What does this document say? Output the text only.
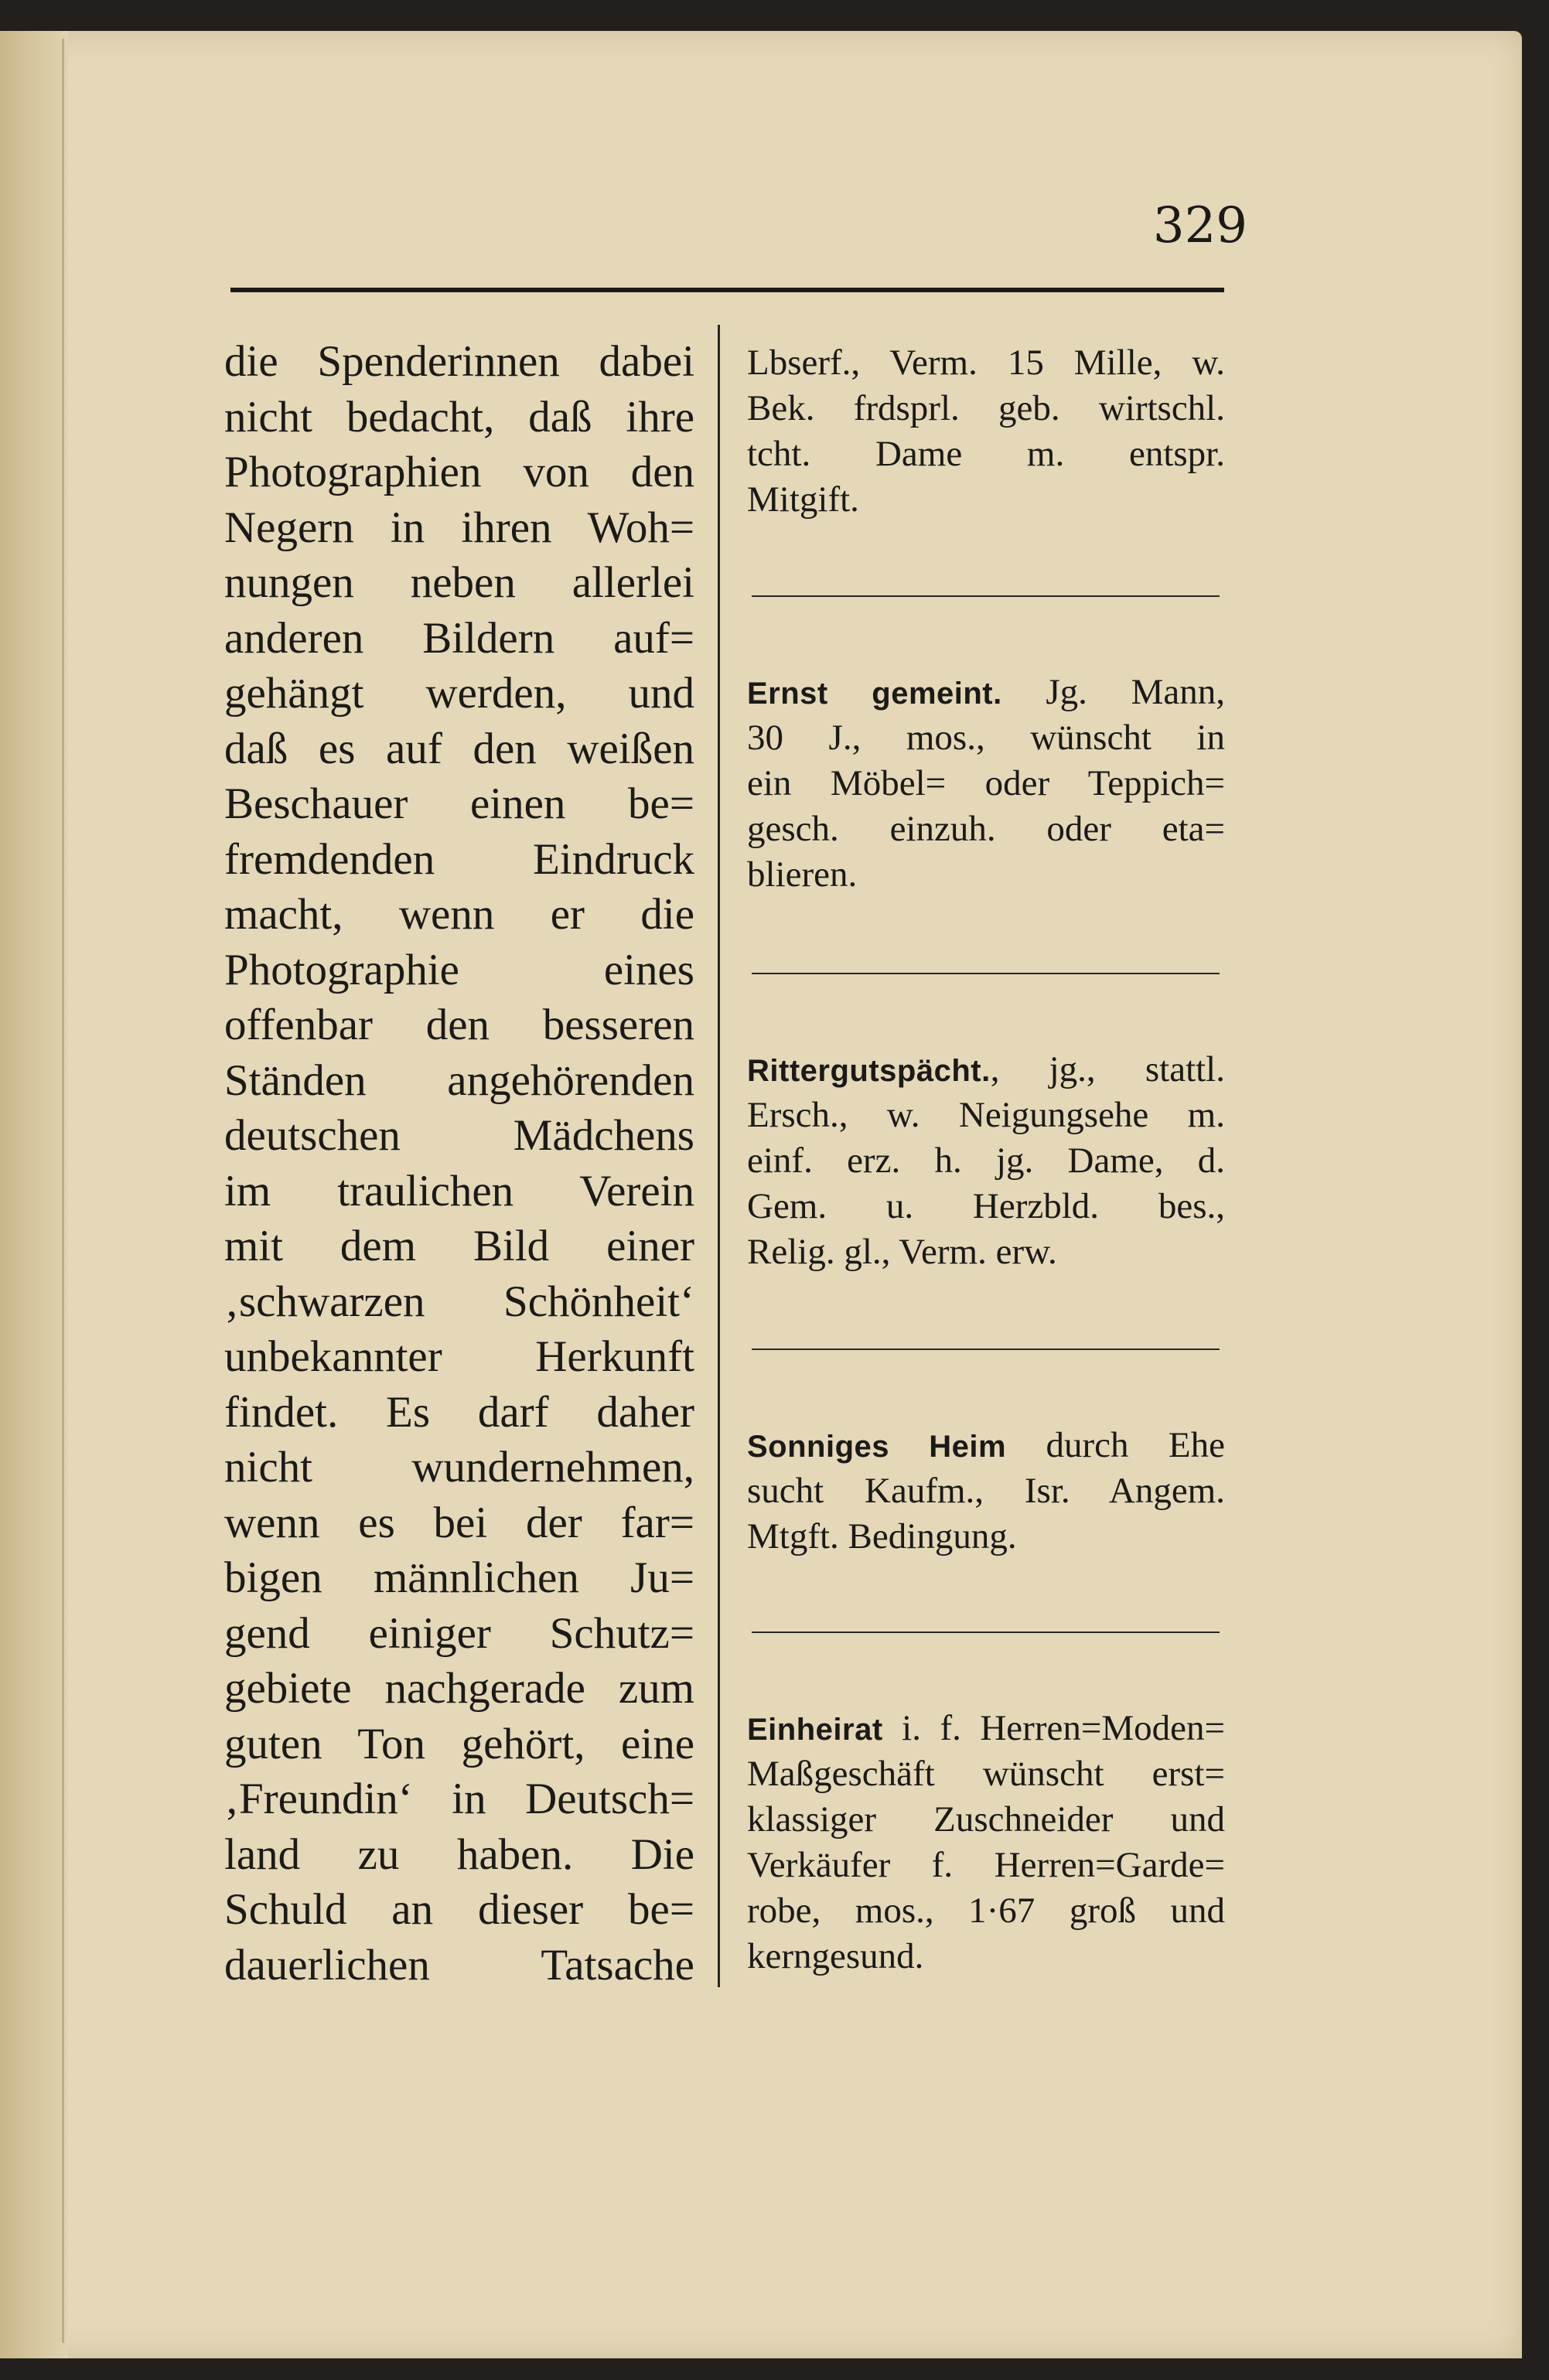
329
die Spenderinnen dabei
nicht bedacht, daß ihre
Photographien von den
Negern in ihren Woh=
nungen neben allerlei
anderen Bildern auf=
gehängt werden, und
daß es auf den weißen
Beschauer einen be=
fremdenden Eindruck
macht, wenn er die
Photographie eines
offenbar den besseren
Ständen angehörenden
deutschen Mädchens
im traulichen Verein
mit dem Bild einer
‚schwarzen Schönheit‘
unbekannter Herkunft
findet. Es darf daher
nicht wundernehmen,
wenn es bei der far=
bigen männlichen Ju=
gend einiger Schutz=
gebiete nachgerade zum
guten Ton gehört, eine
‚Freundin‘ in Deutsch=
land zu haben. Die
Schuld an dieser be=
dauerlichen Tatsache
Lbserf., Verm. 15 Mille, w.
Bek. frdsprl. geb. wirtschl.
tcht. Dame m. entspr.
Mitgift.
Ernst gemeint. Jg. Mann,
30 J., mos., wünscht in
ein Möbel= oder Teppich=
gesch. einzuh. oder eta=
blieren.
Rittergutspächt., jg., stattl.
Ersch., w. Neigungsehe m.
einf. erz. h. jg. Dame, d.
Gem. u. Herzbld. bes.,
Relig. gl., Verm. erw.
Sonniges Heim durch Ehe
sucht Kaufm., Isr. Angem.
Mtgft. Bedingung.
Einheirat i. f. Herren=Moden=
Maßgeschäft wünscht erst=
klassiger Zuschneider und
Verkäufer f. Herren=Garde=
robe, mos., 1·67 groß und
kerngesund.
